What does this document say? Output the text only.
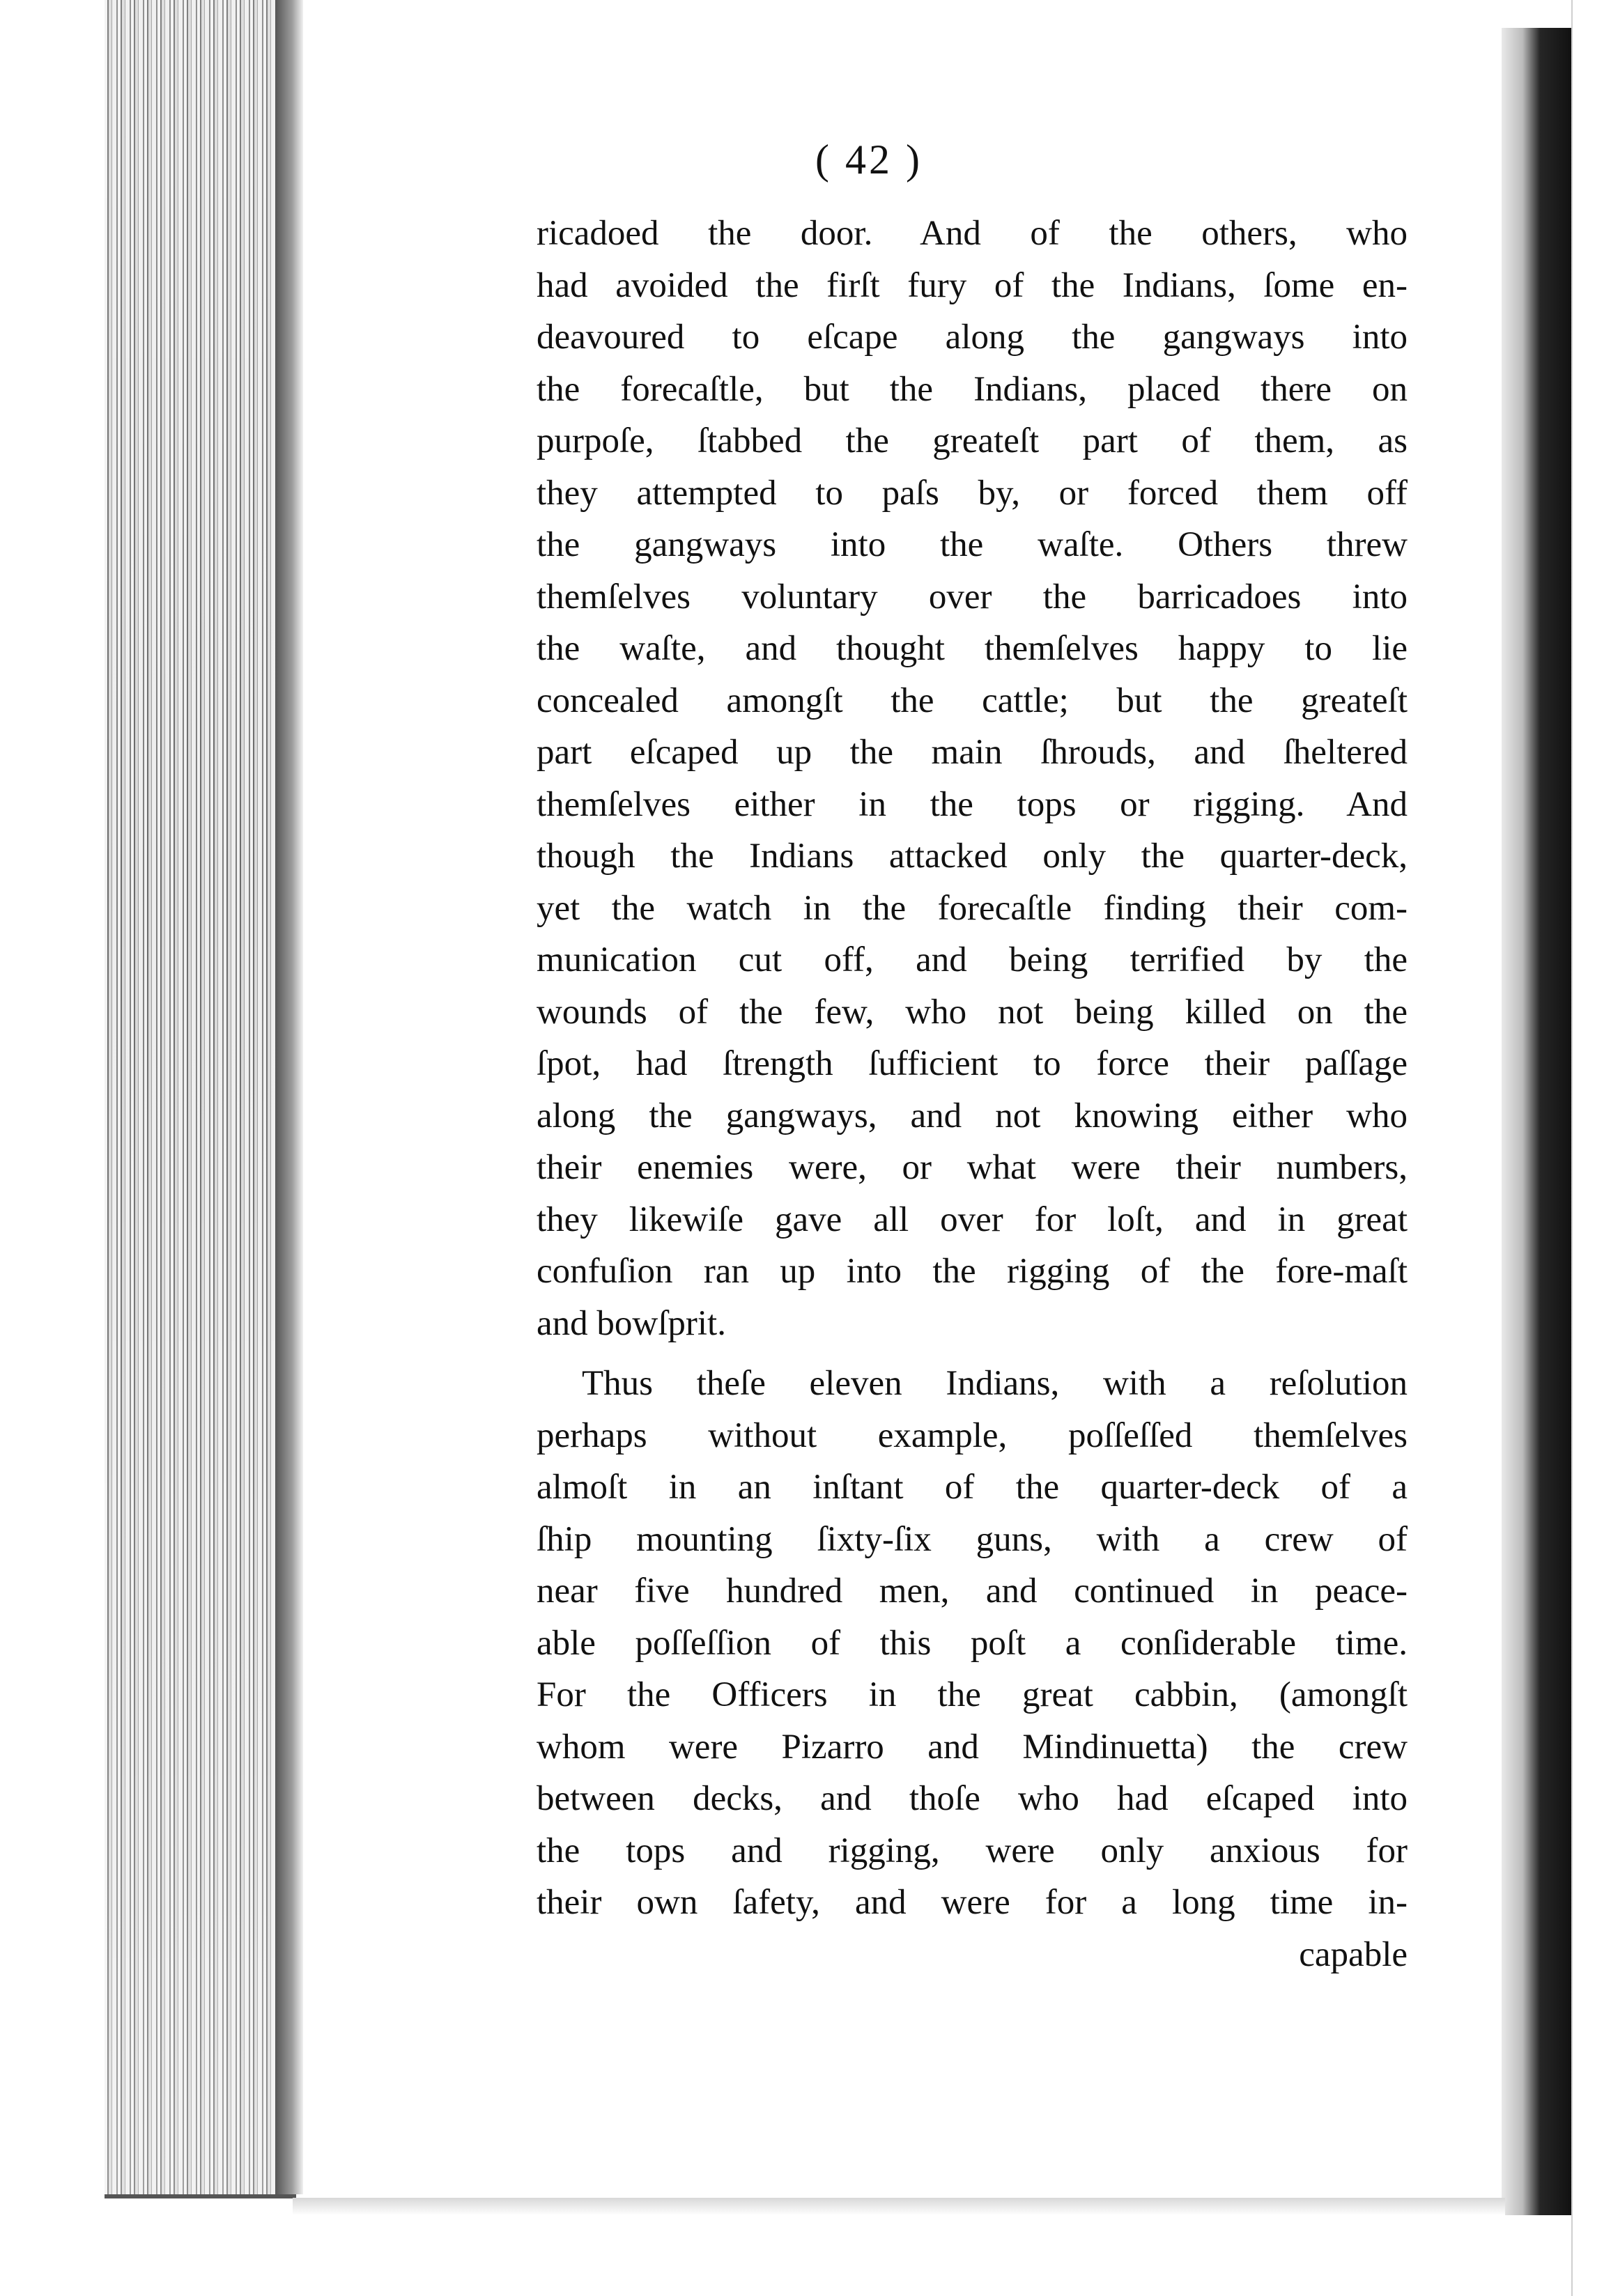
( 42 )
ricadoed the door. And of the others, who
had avoided the firſt fury of the Indians, ſome en-
deavoured to eſcape along the gangways into
the forecaſtle, but the Indians, placed there on
purpoſe, ſtabbed the greateſt part of them, as
they attempted to paſs by, or forced them off
the gangways into the waſte. Others threw
themſelves voluntary over the barricadoes into
the waſte, and thought themſelves happy to lie
concealed amongſt the cattle; but the greateſt
part eſcaped up the main ſhrouds, and ſheltered
themſelves either in the tops or rigging. And
though the Indians attacked only the quarter-deck,
yet the watch in the forecaſtle finding their com-
munication cut off, and being terrified by the
wounds of the few, who not being killed on the
ſpot, had ſtrength ſufficient to force their paſſage
along the gangways, and not knowing either who
their enemies were, or what were their numbers,
they likewiſe gave all over for loſt, and in great
confuſion ran up into the rigging of the fore-maſt
and bowſprit.
Thus theſe eleven Indians, with a reſolution
perhaps without example, poſſeſſed themſelves
almoſt in an inſtant of the quarter-deck of a
ſhip mounting ſixty-ſix guns, with a crew of
near five hundred men, and continued in peace-
able poſſeſſion of this poſt a conſiderable time.
For the Officers in the great cabbin, (amongſt
whom were Pizarro and Mindinuetta) the crew
between decks, and thoſe who had eſcaped into
the tops and rigging, were only anxious for
their own ſafety, and were for a long time in-
capable
